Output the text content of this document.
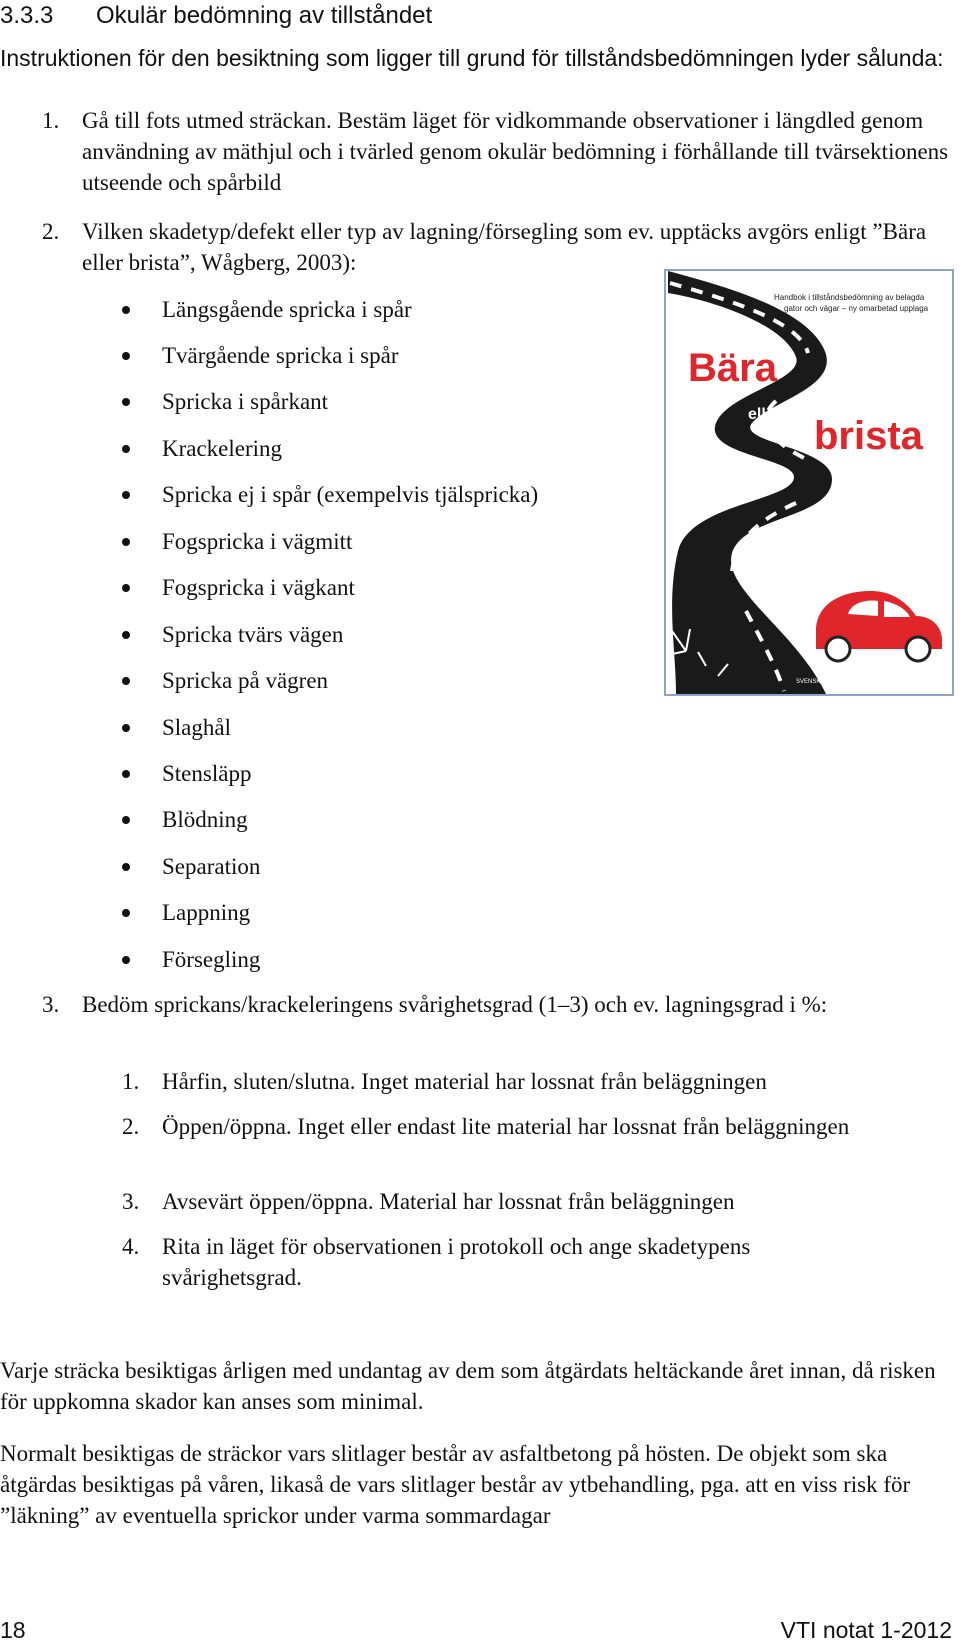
3.3.3 Okulär bedömning av tillståndet
Instruktionen för den besiktning som ligger till grund för tillståndsbedömningen lyder sålunda:
1. Gå till fots utmed sträckan. Bestäm läget för vidkommande observationer i längdled genom användning av mäthjul och i tvärled genom okulär bedömning i förhållande till tvärsektionens utseende och spårbild
2. Vilken skadetyp/defekt eller typ av lagning/försegling som ev. upptäcks avgörs enligt ”Bära eller brista”, Wågberg, 2003):
Längsgående spricka i spår
Tvärgående spricka i spår
Spricka i spårkant
Krackelering
Spricka ej i spår (exempelvis tjälspricka)
Fogspricka i vägmitt
Fogspricka i vägkant
Spricka tvärs vägen
Spricka på vägren
Slaghål
Stensläpp
Blödning
Separation
Lappning
Försegling
3. Bedöm sprickans/krackeleringens svårighetsgrad (1–3) och ev. lagningsgrad i %:
1. Hårfin, sluten/slutna. Inget material har lossnat från beläggningen
2. Öppen/öppna. Inget eller endast lite material har lossnat från beläggningen
3. Avsevärt öppen/öppna. Material har lossnat från beläggningen
4. Rita in läget för observationen i protokoll och ange skadetypens svårighetsgrad.
Varje sträcka besiktigas årligen med undantag av dem som åtgärdats heltäckande året innan, då risken för uppkomna skador kan anses som minimal.
Normalt besiktigas de sträckor vars slitlager består av asfaltbetong på hösten. De objekt som ska åtgärdas besiktigas på våren, likaså de vars slitlager består av ytbehandling, pga. att en viss risk för ”läkning” av eventuella sprickor under varma sommardagar
Handbok i tillståndsbedömning av belagda
gator och vägar – ny omarbetad upplaga
Bära
eller brista
SVENSKA KOMMUNFÖRBUNDET
18	VTI notat 1-2012
